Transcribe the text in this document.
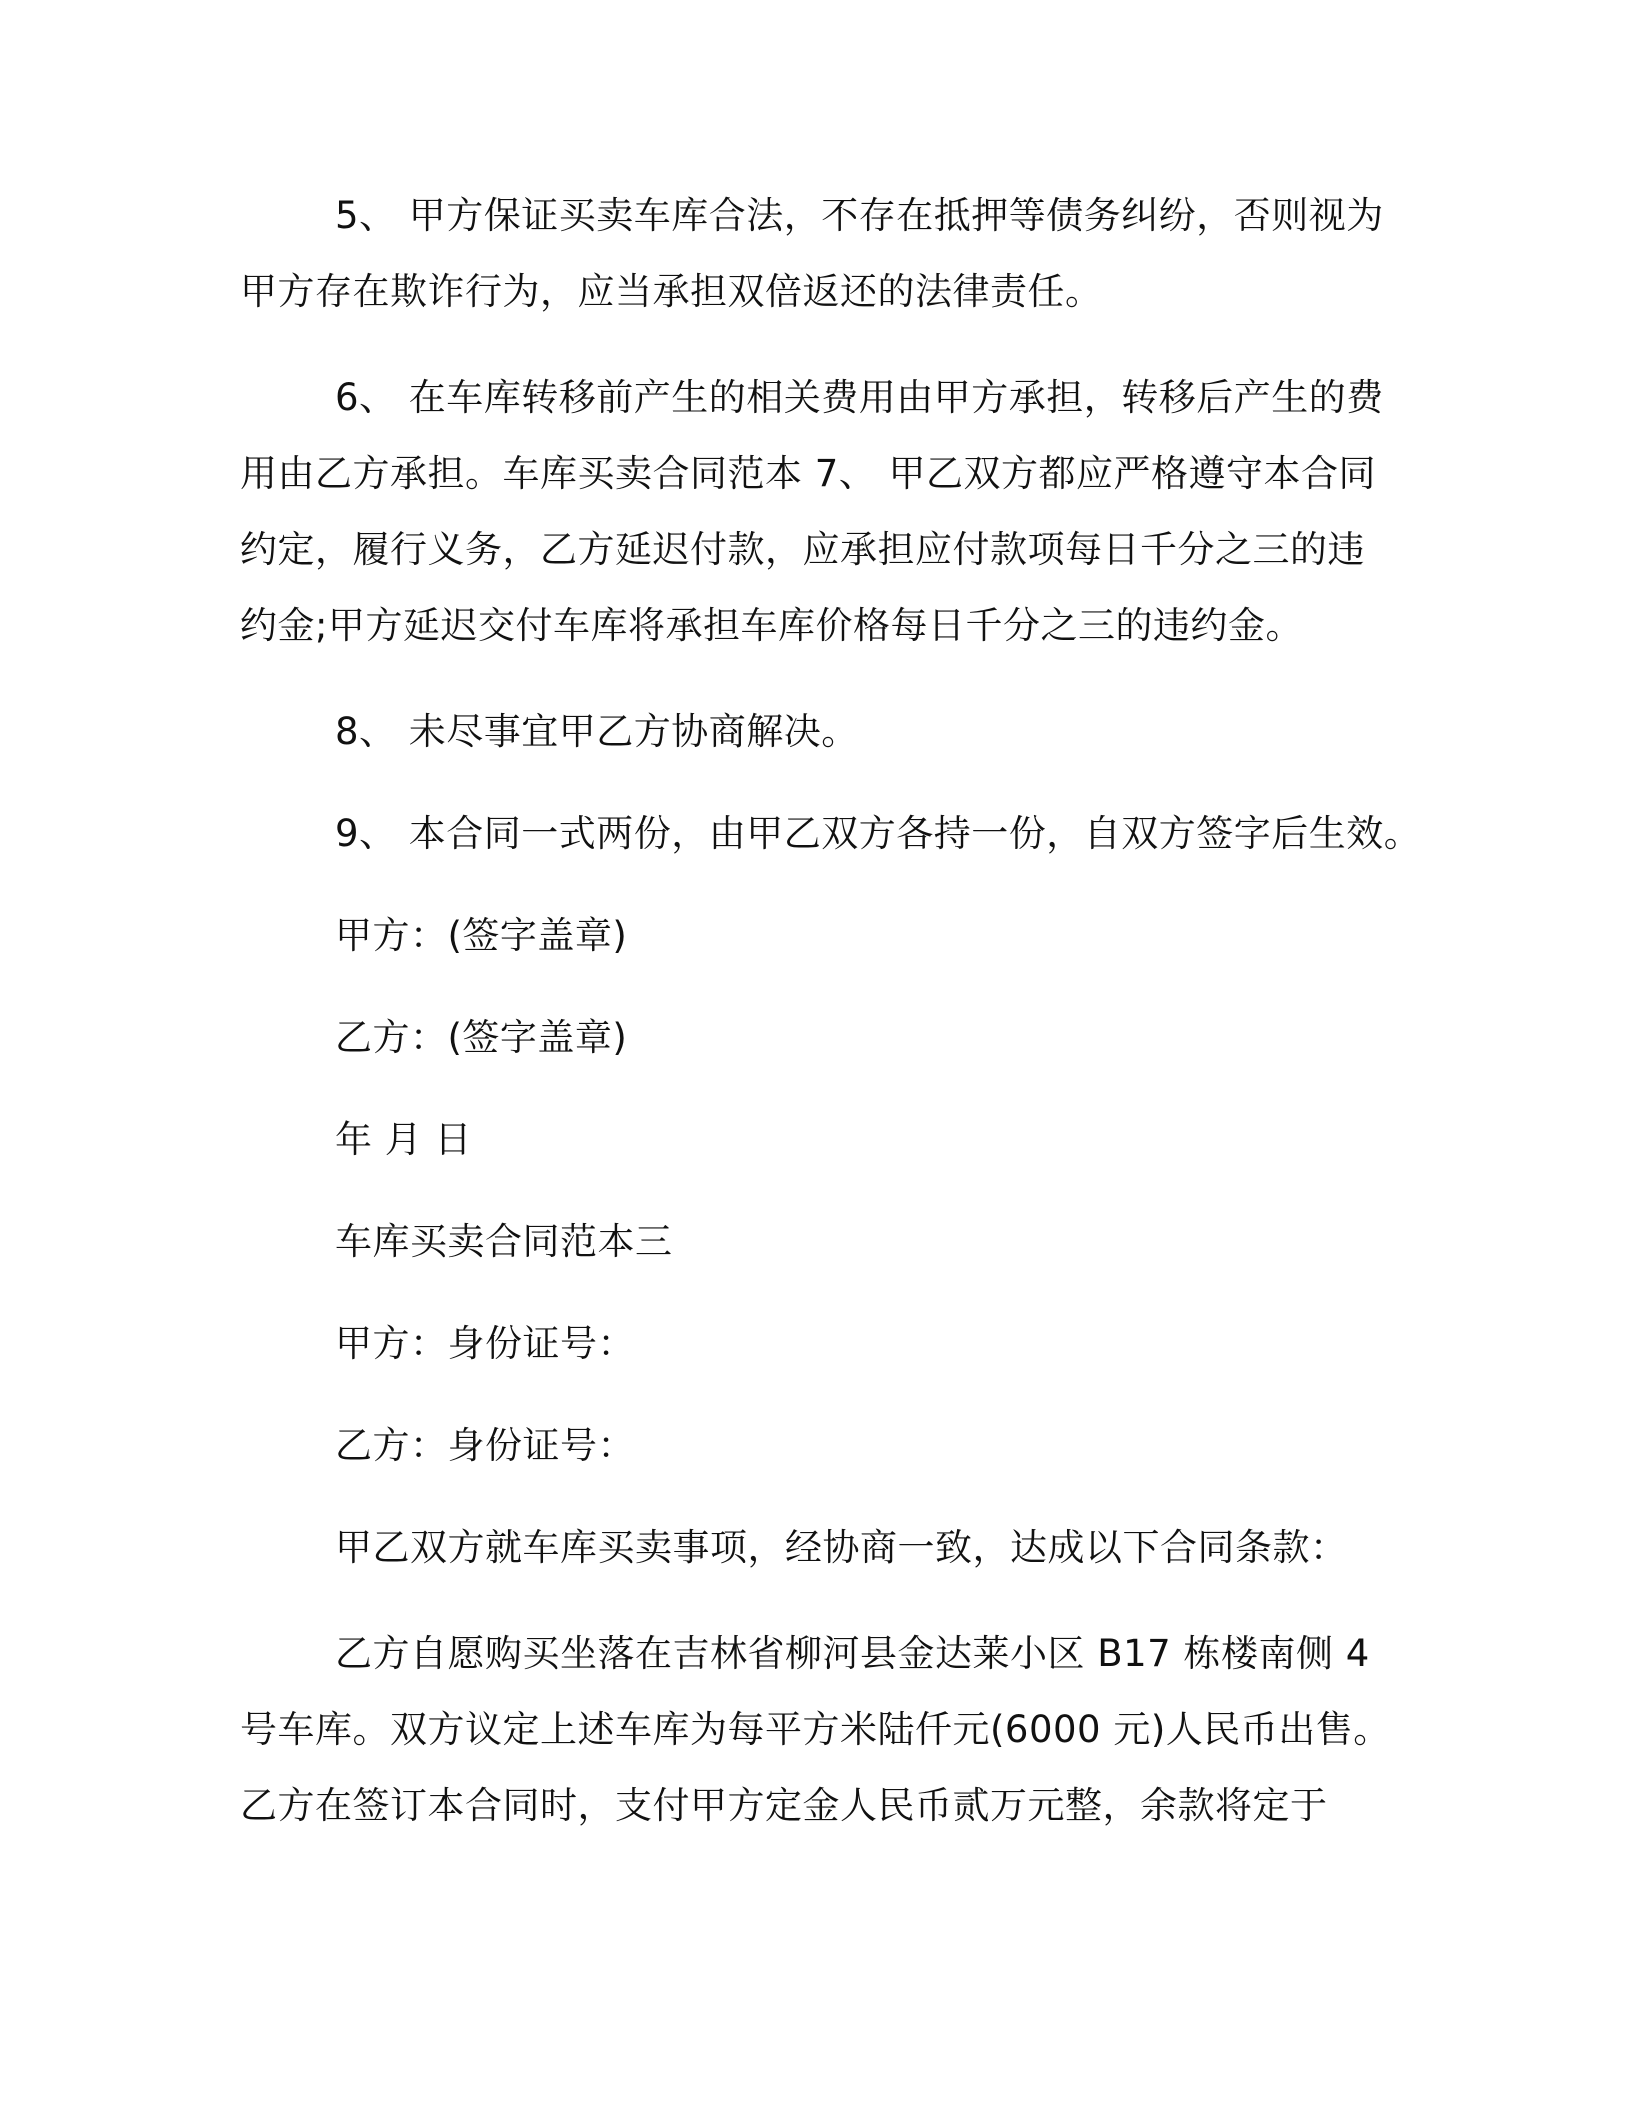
5、 甲方保证买卖车库合法，不存在抵押等债务纠纷，否则视为
甲方存在欺诈行为，应当承担双倍返还的法律责任。
6、 在车库转移前产生的相关费用由甲方承担，转移后产生的费
用由乙方承担。车库买卖合同范本 7、 甲乙双方都应严格遵守本合同
约定，履行义务，乙方延迟付款，应承担应付款项每日千分之三的违
约金;甲方延迟交付车库将承担车库价格每日千分之三的违约金。
8、 未尽事宜甲乙方协商解决。
9、 本合同一式两份，由甲乙双方各持一份，自双方签字后生效。
甲方：(签字盖章)
乙方：(签字盖章)
年 月 日
车库买卖合同范本三
甲方：身份证号：
乙方：身份证号：
甲乙双方就车库买卖事项，经协商一致，达成以下合同条款：
乙方自愿购买坐落在吉林省柳河县金达莱小区 B17 栋楼南侧 4
号车库。双方议定上述车库为每平方米陆仟元(6000 元)人民币出售。
乙方在签订本合同时，支付甲方定金人民币贰万元整，余款将定于
